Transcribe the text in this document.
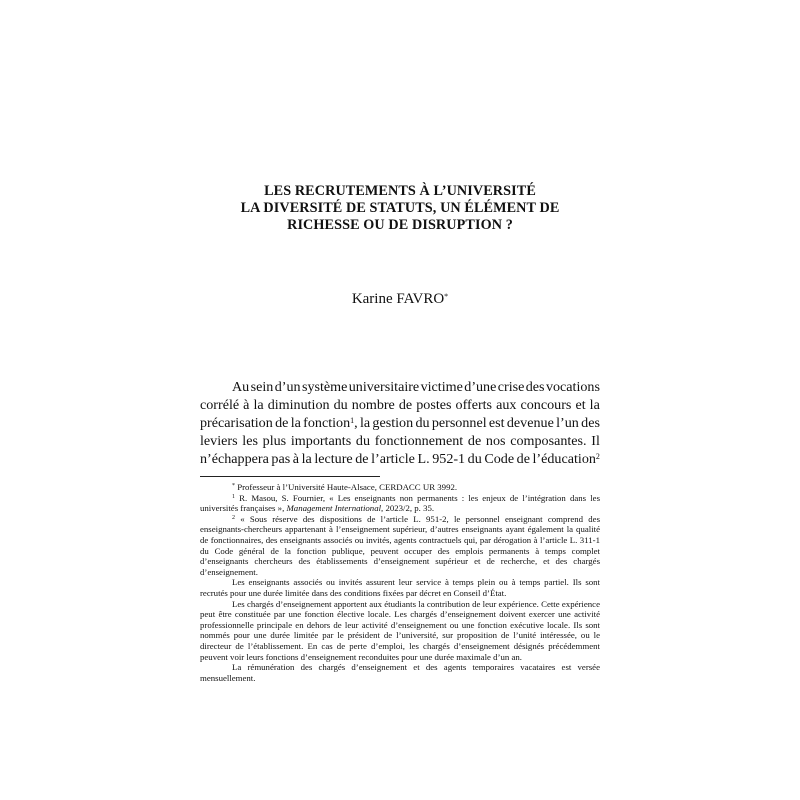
LES RECRUTEMENTS À L’UNIVERSITÉ
LA DIVERSITÉ DE STATUTS, UN ÉLÉMENT DE
RICHESSE OU DE DISRUPTION ?
Karine FAVRO*
Au sein d’un système universitaire victime d’une crise des vocations
corrélé à la diminution du nombre de postes offerts aux concours et la
précarisation de la fonction$^1$, la gestion du personnel est devenue l’un des
leviers les plus importants du fonctionnement de nos composantes. Il
n’échappera pas à la lecture de l’article L. 952-1 du Code de l’éducation$^2$

* Professeur à l’Université Haute-Alsace, CERDACC UR 3992.

$^1$ R. Masou, S. Fournier, « Les enseignants non permanents : les enjeux de l’intégration dans les universités françaises », Management International, 2023/2, p. 35.

$^2$ « Sous réserve des dispositions de l’article L. 951-2, le personnel enseignant comprend des enseignants-chercheurs appartenant à l’enseignement supérieur, d’autres enseignants ayant également la qualité de fonctionnaires, des enseignants associés ou invités, agents contractuels qui, par dérogation à l’article L. 311-1 du Code général de la fonction publique, peuvent occuper des emplois permanents à temps complet d’enseignants chercheurs des établissements d’enseignement supérieur et de recherche, et des chargés d’enseignement.

Les enseignants associés ou invités assurent leur service à temps plein ou à temps partiel. Ils sont recrutés pour une durée limitée dans des conditions fixées par décret en Conseil d’État.

Les chargés d’enseignement apportent aux étudiants la contribution de leur expérience. Cette expérience peut être constituée par une fonction élective locale. Les chargés d’enseignement doivent exercer une activité professionnelle principale en dehors de leur activité d’enseignement ou une fonction exécutive locale. Ils sont nommés pour une durée limitée par le président de l’université, sur proposition de l’unité intéressée, ou le directeur de l’établissement. En cas de perte d’emploi, les chargés d’enseignement désignés précédemment peuvent voir leurs fonctions d’enseignement reconduites pour une durée maximale d’un an.

La rémunération des chargés d’enseignement et des agents temporaires vacataires est versée mensuellement.
